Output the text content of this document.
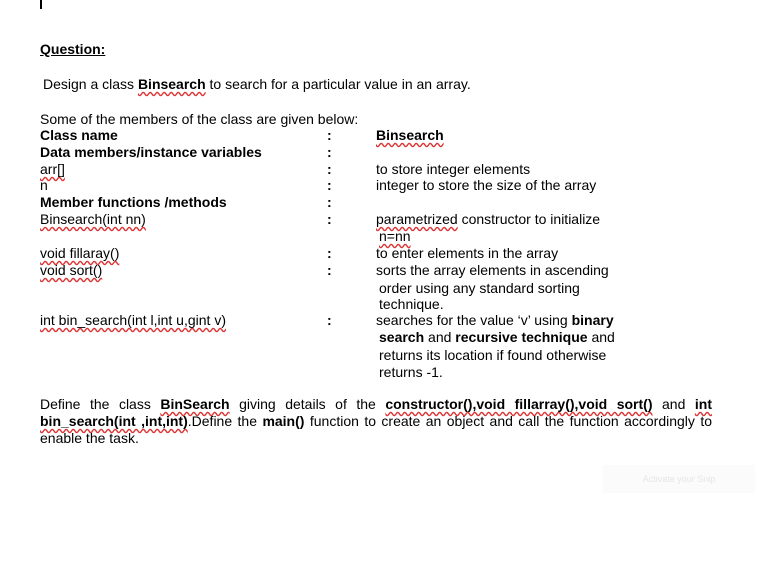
Question:
Design a class Binsearch to search for a particular value in an array.
Some of the members of the class are given below:
Class name	:	Binsearch
Data members/instance variables	:
arr[]	:	to store integer elements
n	:	integer to store the size of the array
Member functions /methods	:
Binsearch(int nn)	:	parametrized constructor to initialize
n=nn
void fillaray()	:	to enter elements in the array
void sort()	:	sorts the array elements in ascending
order using any standard sorting
technique.
int bin_search(int l,int u,gint v)	:	searches for the value ‘v’ using binary
search and recursive technique and
returns its location if found otherwise
returns -1.
Define the class BinSearch giving details of the constructor(),void fillarray(),void sort() and int bin_search(int ,int,int).Define the main() function to create an object and call the function accordingly to enable the task.
Activate your Snip
